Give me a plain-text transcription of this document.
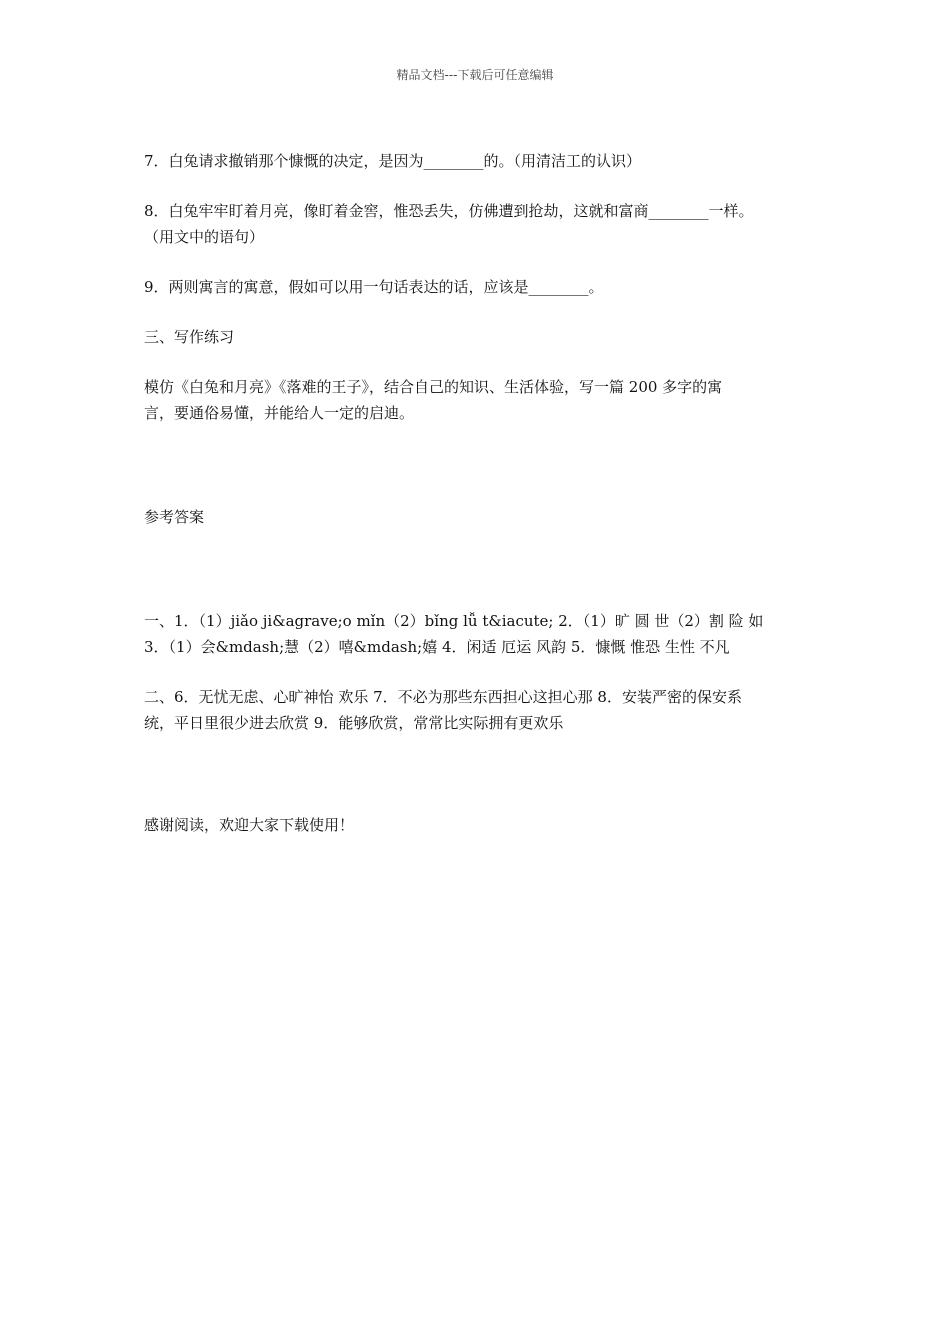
精品文档---下载后可任意编辑

7．白兔请求撤销那个慷慨的决定，是因为________的。（用清洁工的认识）

8．白兔牢牢盯着月亮，像盯着金窖，惟恐丢失，仿佛遭到抢劫，这就和富商________一样。

（用文中的语句）

9．两则寓言的寓意，假如可以用一句话表达的话，应该是________。

三、写作练习

模仿《白兔和月亮》《落难的王子》，结合自己的知识、生活体验，写一篇 200 多字的寓

言，要通俗易懂，并能给人一定的启迪。

参考答案

一、1．（1）jiǎo ji&agrave;o mǐn（2）bǐng lǚ t&iacute; 2．（1）旷 圆 世（2）割 险 如

3．（1）会&mdash;慧（2）嘻&mdash;嬉 4．闲适 厄运 风韵 5．慷慨 惟恐 生性 不凡

二、6．无忧无虑、心旷神怡 欢乐 7．不必为那些东西担心这担心那 8．安装严密的保安系

统，平日里很少进去欣赏 9．能够欣赏，常常比实际拥有更欢乐

感谢阅读，欢迎大家下载使用！
